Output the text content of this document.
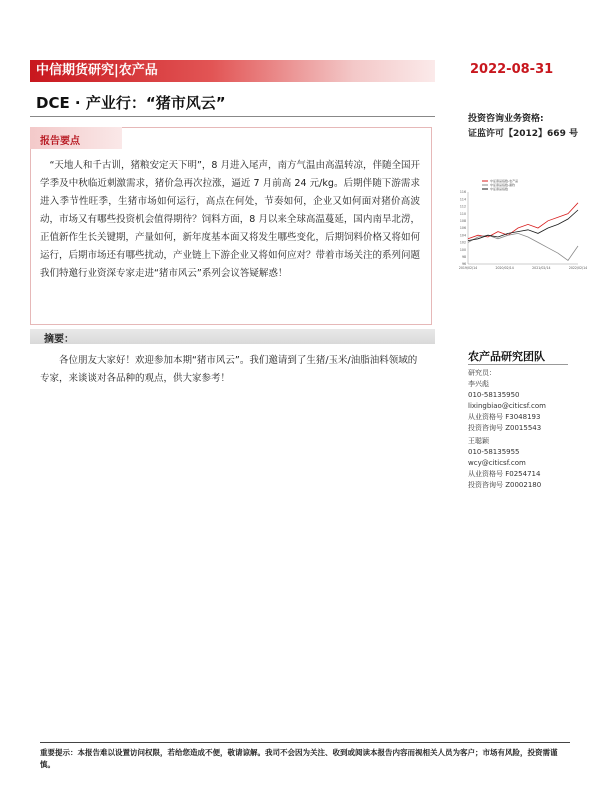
中信期货研究|农产品	2022-08-31
DCE · 产业行：“猪市风云”
投资咨询业务资格:
证监许可【2012】669 号
报告要点
“天地人和千古训，猪粮安定天下明”，8 月进入尾声，南方气温由高温转凉，伴随全国开学季及中秋临近刺激需求，猪价急再次拉涨，逼近 7 月前高 24 元/kg。后期伴随下游需求进入季节性旺季，生猪市场如何运行，高点在何处，节奏如何，企业又如何面对猪价高波动，市场又有哪些投资机会值得期待？饲料方面，8 月以来全球高温蔓延，国内南旱北涝，正值新作生长关键期，产量如何，新年度基本面又将发生哪些变化，后期饲料价格又将如何运行，后期市场还有哪些扰动，产业链上下游企业又将如何应对？带着市场关注的系列问题我们特邀行业资深专家走进“猪市风云”系列会议答疑解惑！
中证商品指数-农产品
中证商品指数-畜牧
中证商品指数
116
114
112
110
108
106
104
102
100
98
96
2019/02/14	2020/02/14	2021/02/14	2022/02/14
摘要：
各位朋友大家好！欢迎参加本期“猪市风云”。我们邀请到了生猪/玉米/油脂油料领域的专家，来谈谈对各品种的观点，供大家参考！
农产品研究团队
研究员：
李兴彪
010-58135950
lixingbiao@citicsf.com
从业资格号 F3048193
投资咨询号 Z0015543
王聪颖
010-58135955
wcy@citicsf.com
从业资格号 F0254714
投资咨询号 Z0002180
重要提示：本报告难以设置访问权限，若给您造成不便，敬请谅解。我司不会因为关注、收到或阅读本报告内容而视相关人员为客户；市场有风险，投资需谨慎。
